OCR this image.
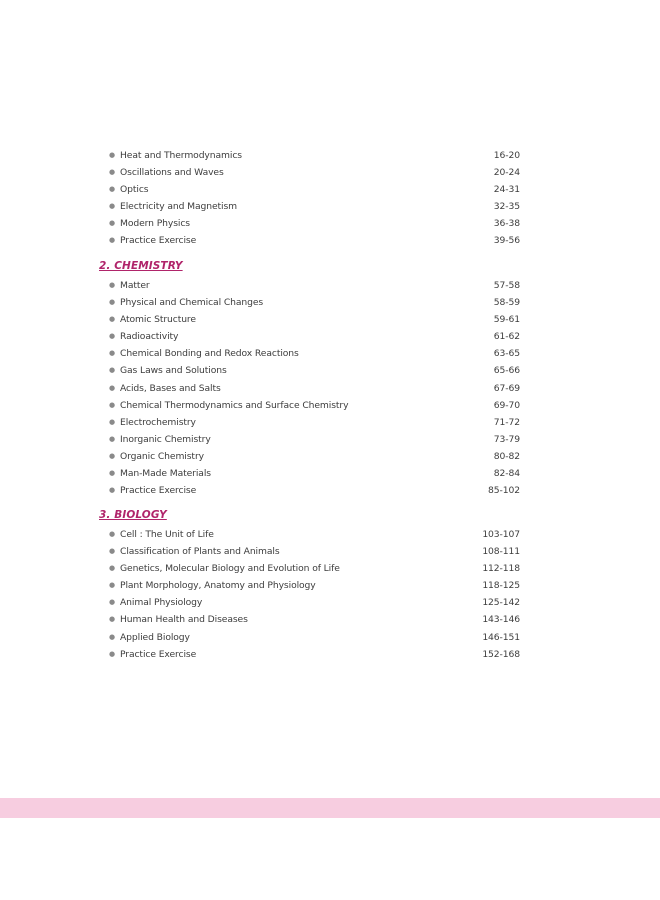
● Heat and Thermodynamics	16-20
● Oscillations and Waves	20-24
● Optics	24-31
● Electricity and Magnetism	32-35
● Modern Physics	36-38
● Practice Exercise	39-56
2. CHEMISTRY
● Matter	57-58
● Physical and Chemical Changes	58-59
● Atomic Structure	59-61
● Radioactivity	61-62
● Chemical Bonding and Redox Reactions	63-65
● Gas Laws and Solutions	65-66
● Acids, Bases and Salts	67-69
● Chemical Thermodynamics and Surface Chemistry	69-70
● Electrochemistry	71-72
● Inorganic Chemistry	73-79
● Organic Chemistry	80-82
● Man-Made Materials	82-84
● Practice Exercise	85-102
3. BIOLOGY
● Cell : The Unit of Life	103-107
● Classification of Plants and Animals	108-111
● Genetics, Molecular Biology and Evolution of Life	112-118
● Plant Morphology, Anatomy and Physiology	118-125
● Animal Physiology	125-142
● Human Health and Diseases	143-146
● Applied Biology	146-151
● Practice Exercise	152-168
